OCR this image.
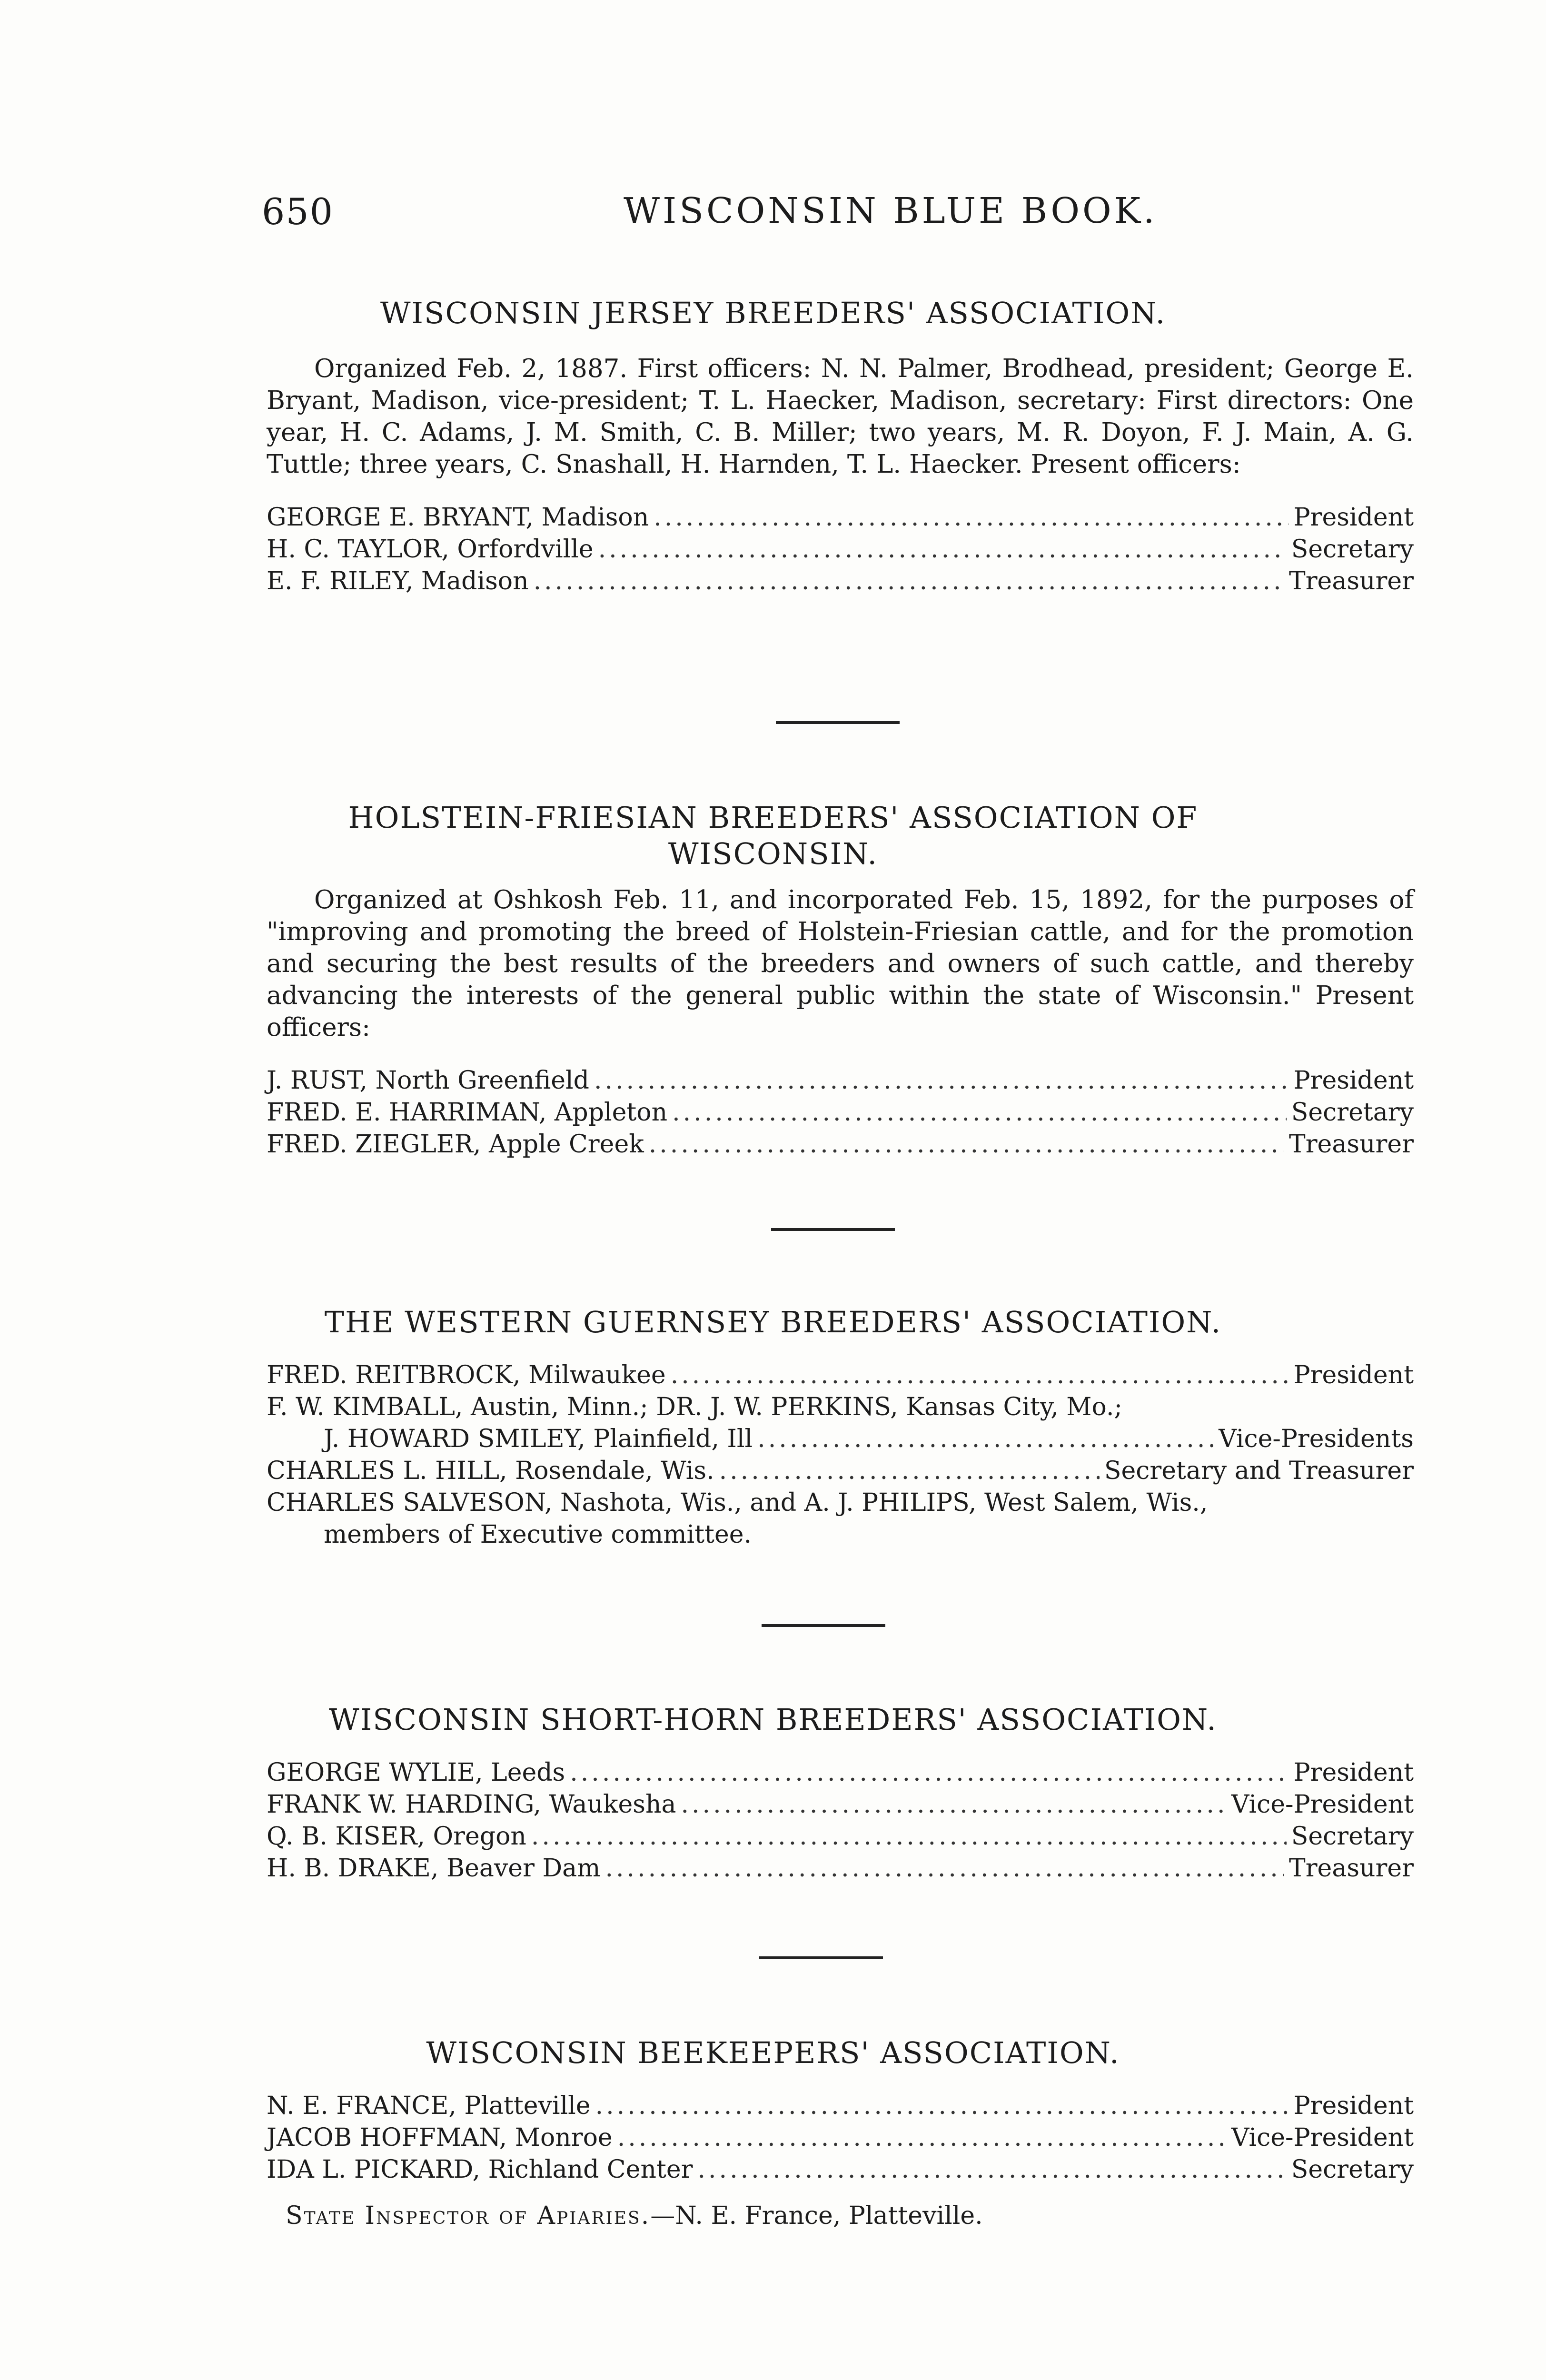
650	WISCONSIN BLUE BOOK.
WISCONSIN JERSEY BREEDERS' ASSOCIATION.
Organized Feb. 2, 1887. First officers: N. N. Palmer, Brodhead, president; George E. Bryant, Madison, vice-president; T. L. Haecker, Madison, secretary: First directors: One year, H. C. Adams, J. M. Smith, C. B. Miller; two years, M. R. Doyon, F. J. Main, A. G. Tuttle; three years, C. Snashall, H. Harnden, T. L. Haecker. Present officers:
GEORGE E. BRYANT, Madison .....	President
H. C. TAYLOR, Orfordville .....	Secretary
E. F. RILEY, Madison .....	Treasurer
HOLSTEIN-FRIESIAN BREEDERS' ASSOCIATION OF
WISCONSIN.
Organized at Oshkosh Feb. 11, and incorporated Feb. 15, 1892, for the purposes of "improving and promoting the breed of Holstein-Friesian cattle, and for the promotion and securing the best results of the breeders and owners of such cattle, and thereby advancing the interests of the general public within the state of Wisconsin." Present officers:
J. RUST, North Greenfield .....	President
FRED. E. HARRIMAN, Appleton .....	Secretary
FRED. ZIEGLER, Apple Creek .....	Treasurer
THE WESTERN GUERNSEY BREEDERS' ASSOCIATION.
FRED. REITBROCK, Milwaukee .....	President
F. W. KIMBALL, Austin, Minn.; DR. J. W. PERKINS, Kansas City, Mo.;
J. HOWARD SMILEY, Plainfield, Ill .....	Vice-Presidents
CHARLES L. HILL, Rosendale, Wis. .....	Secretary and Treasurer
CHARLES SALVESON, Nashota, Wis., and A. J. PHILIPS, West Salem, Wis.,
members of Executive committee.
WISCONSIN SHORT-HORN BREEDERS' ASSOCIATION.
GEORGE WYLIE, Leeds .....	President
FRANK W. HARDING, Waukesha .....	Vice-President
Q. B. KISER, Oregon .....	Secretary
H. B. DRAKE, Beaver Dam .....	Treasurer
WISCONSIN BEEKEEPERS' ASSOCIATION.
N. E. FRANCE, Platteville .....	President
JACOB HOFFMAN, Monroe .....	Vice-President
IDA L. PICKARD, Richland Center .....	Secretary
State Inspector of Apiaries.—N. E. France, Platteville.
